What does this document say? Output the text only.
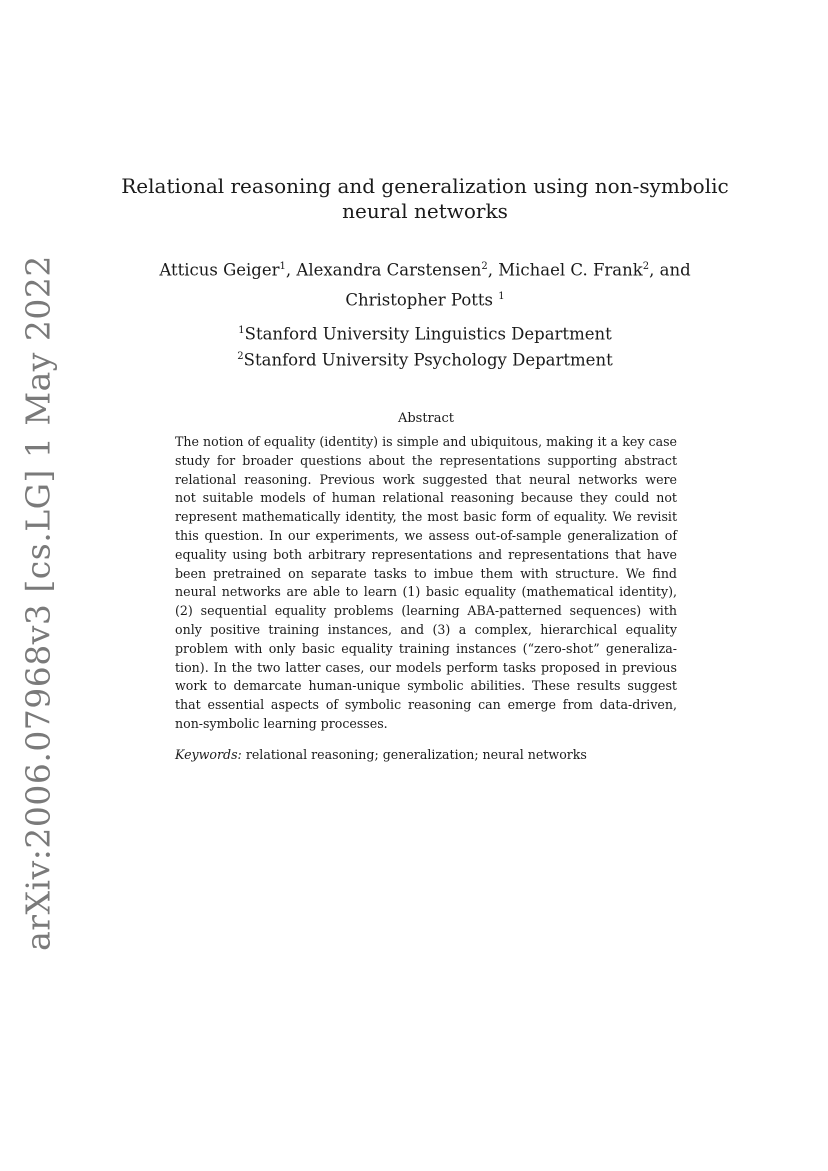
arXiv:2006.07968v3 [cs.LG] 1 May 2022
Relational reasoning and generalization using non-symbolic
neural networks
Atticus Geiger$^1$, Alexandra Carstensen$^2$, Michael C. Frank$^2$, and
Christopher Potts $^1$
$^1$Stanford University Linguistics Department
$^2$Stanford University Psychology Department
Abstract
The notion of equality (identity) is simple and ubiquitous, making it a key case
study for broader questions about the representations supporting abstract
relational reasoning. Previous work suggested that neural networks were
not suitable models of human relational reasoning because they could not
represent mathematically identity, the most basic form of equality. We revisit
this question. In our experiments, we assess out-of-sample generalization of
equality using both arbitrary representations and representations that have
been pretrained on separate tasks to imbue them with structure. We find
neural networks are able to learn (1) basic equality (mathematical identity),
(2) sequential equality problems (learning ABA-patterned sequences) with
only positive training instances, and (3) a complex, hierarchical equality
problem with only basic equality training instances (“zero-shot” generaliza-
tion). In the two latter cases, our models perform tasks proposed in previous
work to demarcate human-unique symbolic abilities. These results suggest
that essential aspects of symbolic reasoning can emerge from data-driven,
non-symbolic learning processes.
Keywords: relational reasoning; generalization; neural networks
